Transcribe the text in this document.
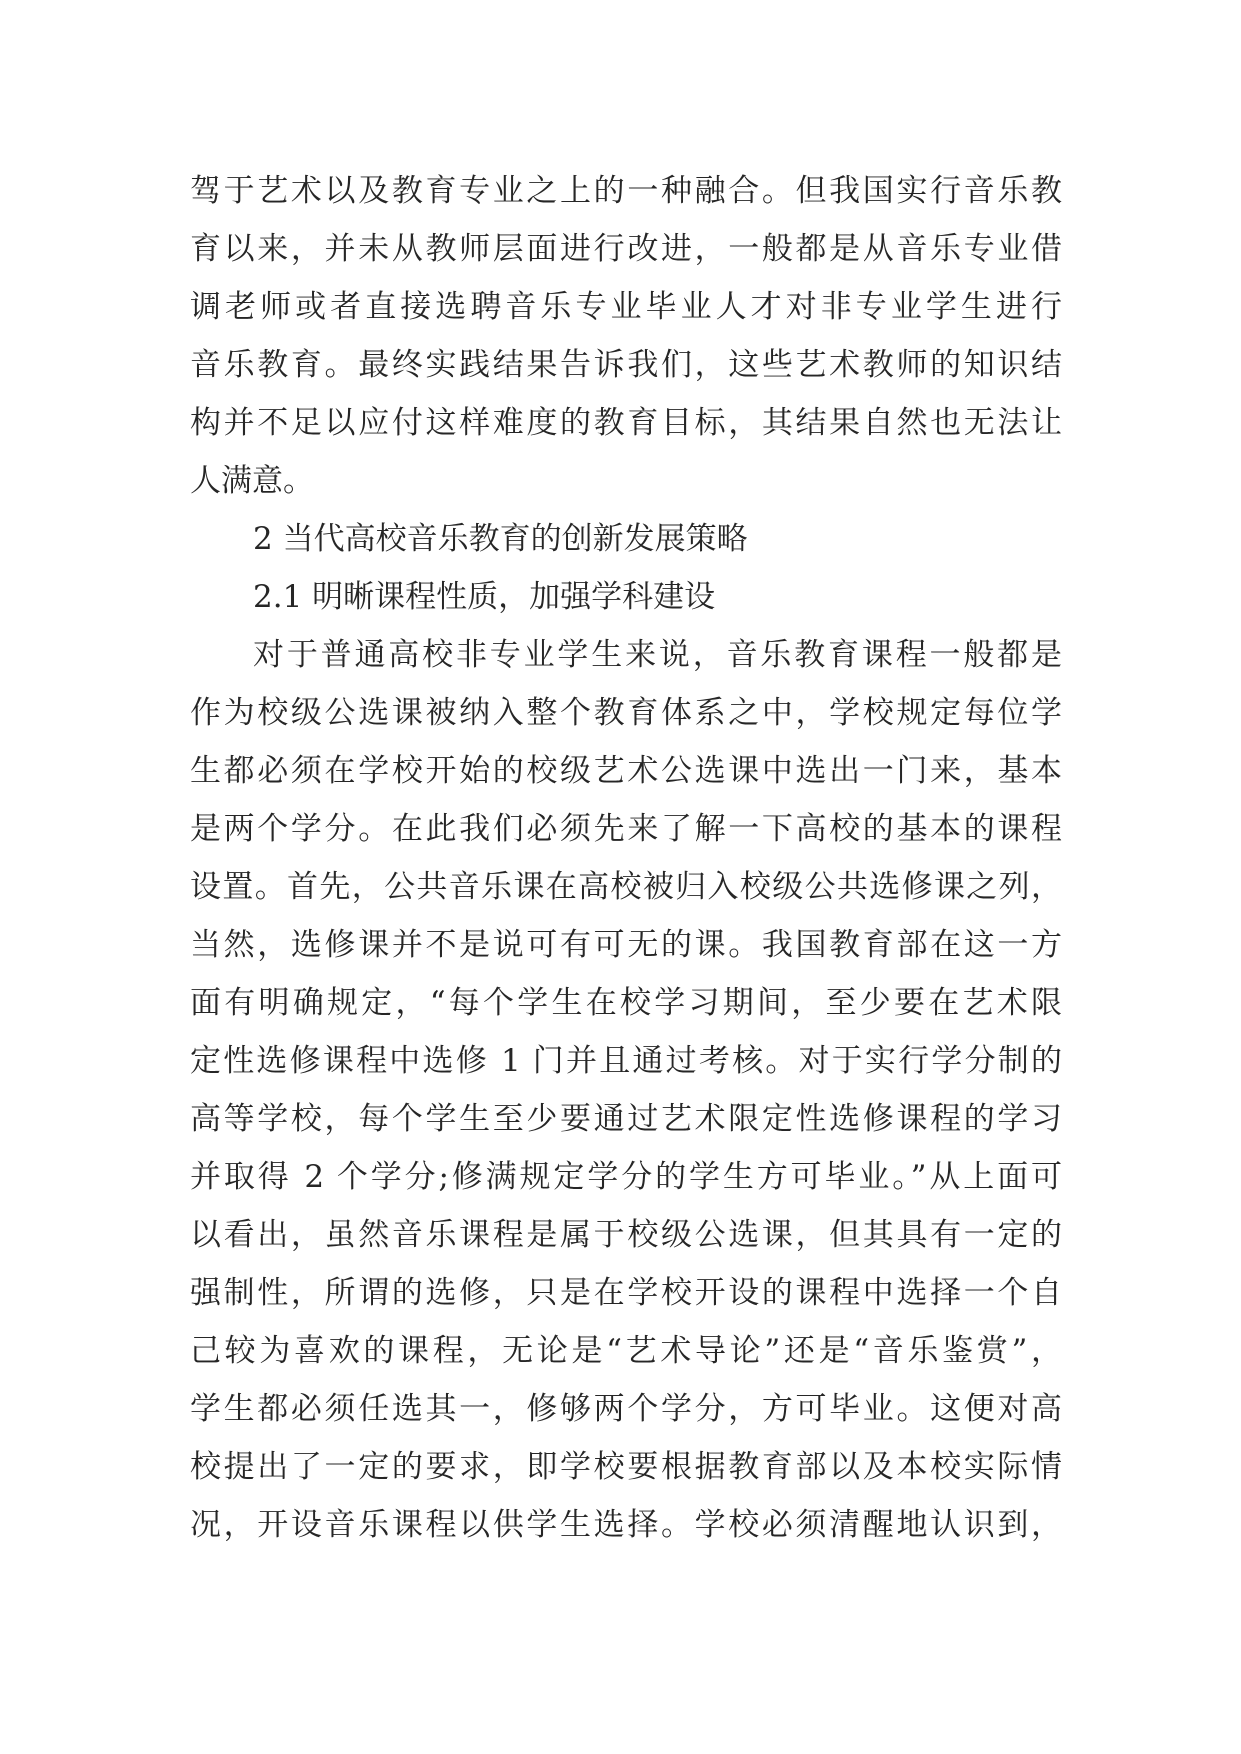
驾于艺术以及教育专业之上的一种融合。但我国实行音乐教
育以来，并未从教师层面进行改进，一般都是从音乐专业借
调老师或者直接选聘音乐专业毕业人才对非专业学生进行
音乐教育。最终实践结果告诉我们，这些艺术教师的知识结
构并不足以应付这样难度的教育目标，其结果自然也无法让
人满意。
2 当代高校音乐教育的创新发展策略
2.1 明晰课程性质，加强学科建设
对于普通高校非专业学生来说，音乐教育课程一般都是
作为校级公选课被纳入整个教育体系之中，学校规定每位学
生都必须在学校开始的校级艺术公选课中选出一门来，基本
是两个学分。在此我们必须先来了解一下高校的基本的课程
设置。首先，公共音乐课在高校被归入校级公共选修课之列，
当然，选修课并不是说可有可无的课。我国教育部在这一方
面有明确规定，“每个学生在校学习期间，至少要在艺术限
定性选修课程中选修 1 门并且通过考核。对于实行学分制的
高等学校，每个学生至少要通过艺术限定性选修课程的学习
并取得 2 个学分;修满规定学分的学生方可毕业。”从上面可
以看出，虽然音乐课程是属于校级公选课，但其具有一定的
强制性，所谓的选修，只是在学校开设的课程中选择一个自
己较为喜欢的课程，无论是“艺术导论”还是“音乐鉴赏”，
学生都必须任选其一，修够两个学分，方可毕业。这便对高
校提出了一定的要求，即学校要根据教育部以及本校实际情
况，开设音乐课程以供学生选择。学校必须清醒地认识到，
